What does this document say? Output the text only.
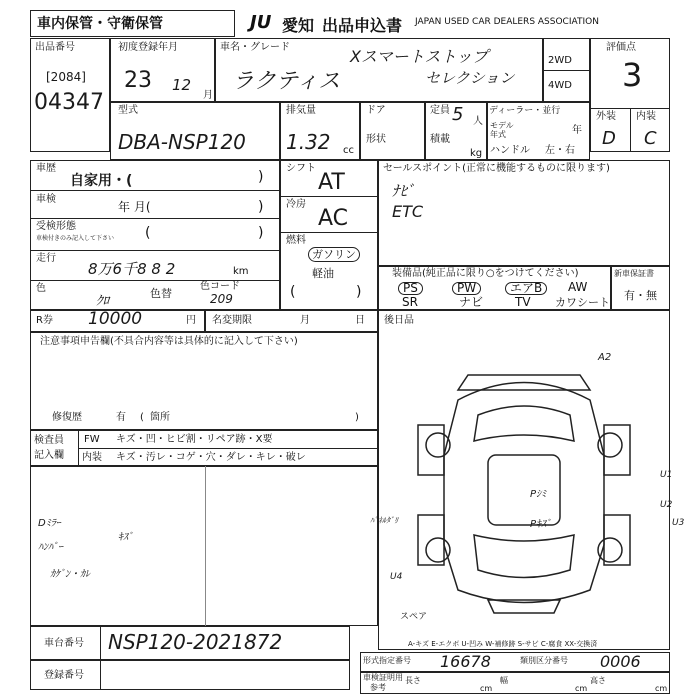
車内保管・守衛保管	JU 愛知 出品申込書 JAPAN USED CAR DEALERS ASSOCIATION
出品番号
[2084]
04347
初度登録年月
23 12
月
車名・グレード
ラクティス
Xスマートストップ
セレクション
2WD
4WD
評価点
3
外装 内装
D C
型式
DBA-NSP120
排気量
1.32 cc
ドア
形状
定員 5 人
積載
kg
ディーラー・並行
モデル
年式	年
ハンドル 左・右
車歴
自家用・(	)
車検
年 月(	)
受検形態
車検付きのみ記入して下さい (	)
走行
8万6千8 8 2	km
色
ｸﾛ
色替
色コード
209
シフト
AT
冷房
AC
燃料
ガソリン
軽油
(	)
セールスポイント(正常に機能するものに限ります)
ﾅﾋﾞ
ETC
装備品(純正品に限り○をつけてください)
PS	PW	エアB	AW
SR	ナビ	TV カワシート
新車保証書
有・無
R券 10000	円 名変期限	月	日
注意事項申告欄(不具合内容等は具体的に記入して下さい)
修復歴	有 ( 箇所	)
検査員
記入欄
FW キズ・凹・ヒビ割・リペア跡・X要
内装 キズ・汚レ・コゲ・穴・ダレ・キレ・破レ
Dﾐﾗｰ
ﾊﾝﾊﾟｰ
ｷｽﾞ
ｶｹﾞﾝ・ｶﾚ
後日品
A2
U1
Pｼﾐ
Pｷｽﾞ
ﾊﾟﾈﾙﾀﾞﾘ
U2
U3
U4
スペア
A-キズ E-エクボ U-凹み W-補修跡 S-サビ C-腐食 XX-交換済
車台番号 NSP120-2021872
登録番号
形式指定番号 16678	類別区分番号 0006
車検証明用
参考
長さ
cm
幅
cm
高さ
cm
